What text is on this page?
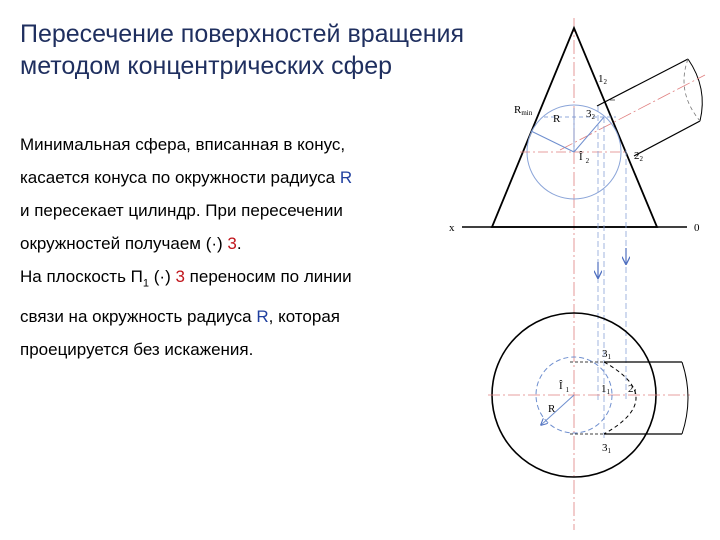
Пересечение поверхностей вращения
методом концентрических сфер

Минимальная сфера, вписанная в конус,

касается конуса по окружности радиуса R

и пересекает цилиндр. При пересечении

окружностей получаем (·) 3.

На плоскость $П_1$ (·) 3 переносим по линии

связи на окружность радиуса R, которая

проецируется без искажения.

x	0
Rmin R
Î $_2$
12
32
22
Î $_1$	11 21
31
31
R
